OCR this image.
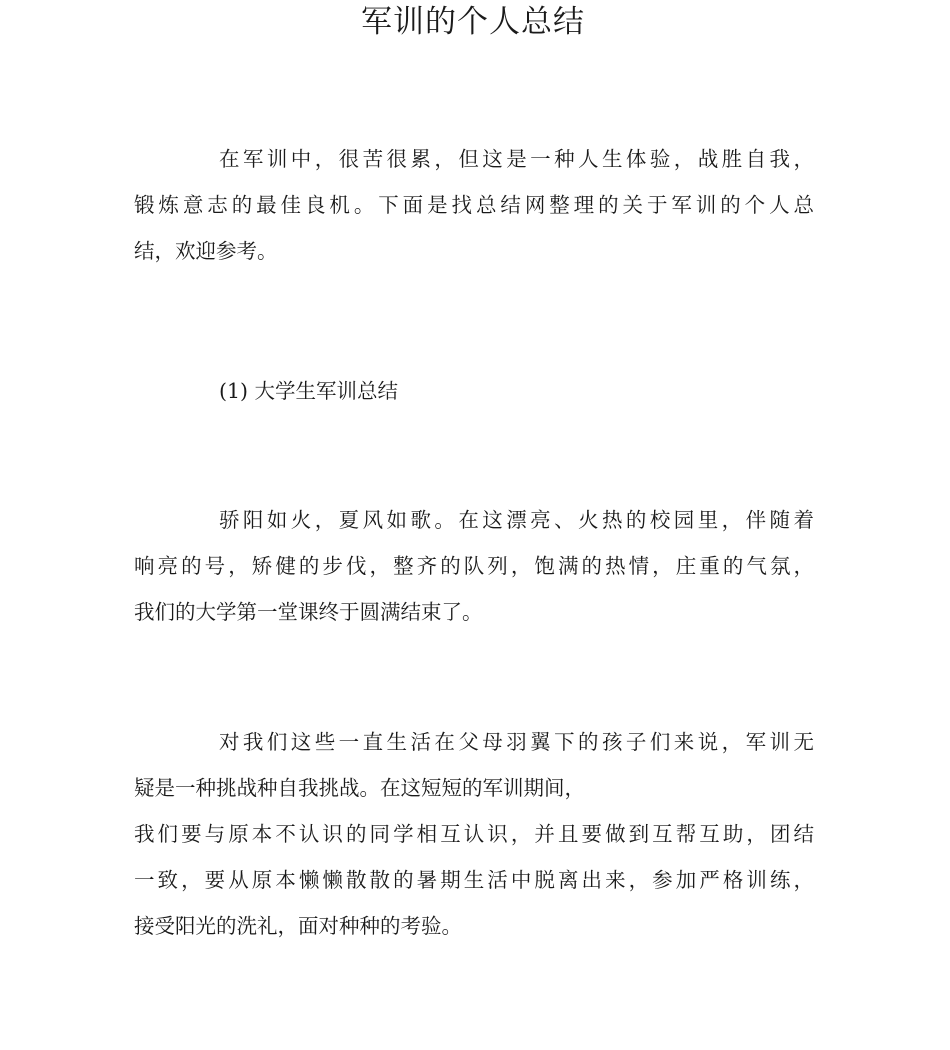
军训的个人总结
在军训中，很苦很累，但这是一种人生体验，战胜自我，
锻炼意志的最佳良机。下面是找总结网整理的关于军训的个人总
结，欢迎参考。
(1) 大学生军训总结
骄阳如火，夏风如歌。在这漂亮、火热的校园里，伴随着
响亮的号，矫健的步伐，整齐的队列，饱满的热情，庄重的气氛，
我们的大学第一堂课终于圆满结束了。
对我们这些一直生活在父母羽翼下的孩子们来说，军训无
疑是一种挑战种自我挑战。在这短短的军训期间，
我们要与原本不认识的同学相互认识，并且要做到互帮互助，团结
一致，要从原本懒懒散散的暑期生活中脱离出来，参加严格训练，
接受阳光的洗礼，面对种种的考验。
